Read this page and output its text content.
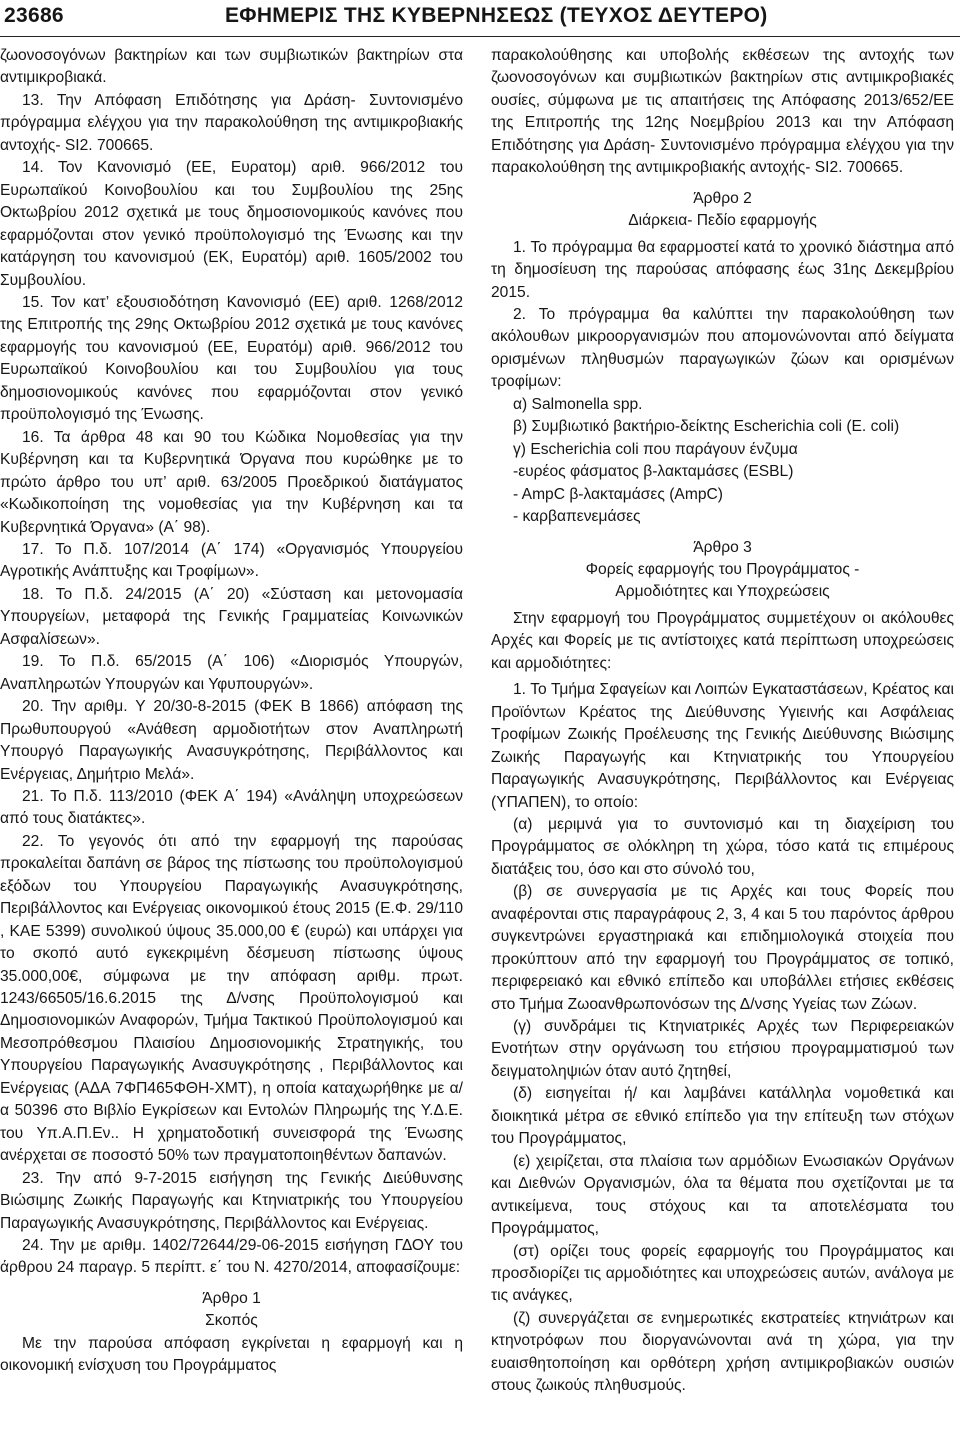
23686	ΕΦΗΜΕΡΙΣ ΤΗΣ ΚΥΒΕΡΝΗΣΕΩΣ (ΤΕΥΧΟΣ ΔΕΥΤΕΡΟ)

ζωονοσογόνων βακτηρίων και των συμβιωτικών βακτηρίων στα αντιμικροβιακά.

13. Την Απόφαση Επιδότησης για Δράση- Συντονισμένο πρόγραμμα ελέγχου για την παρακολούθηση της αντιμικροβιακής αντοχής- SI2. 700665.

14. Τον Κανονισμό (ΕΕ, Ευρατομ) αριθ. 966/2012 του Ευρωπαϊκού Κοινοβουλίου και του Συμβουλίου της 25ης Οκτωβρίου 2012 σχετικά με τους δημοσιονομικούς κανόνες που εφαρμόζονται στον γενικό προϋπολογισμό της Ένωσης και την κατάργηση του κανονισμού (ΕΚ, Ευρατόμ) αριθ. 1605/2002 του Συμβουλίου.

15. Τον κατ’ εξουσιοδότηση Κανονισμό (ΕΕ) αριθ. 1268/2012 της Επιτροπής της 29ης Οκτωβρίου 2012 σχετικά με τους κανόνες εφαρμογής του κανονισμού (ΕΕ, Ευρατόμ) αριθ. 966/2012 του Ευρωπαϊκού Κοινοβουλίου και του Συμβουλίου για τους δημοσιονομικούς κανόνες που εφαρμόζονται στον γενικό προϋπολογισμό της Ένωσης.

16. Τα άρθρα 48 και 90 του Κώδικα Νομοθεσίας για την Κυβέρνηση και τα Κυβερνητικά Όργανα που κυρώθηκε με το πρώτο άρθρο του υπ’ αριθ. 63/2005 Προεδρικού διατάγματος «Κωδικοποίηση της νομοθεσίας για την Κυβέρνηση και τα Κυβερνητικά Όργανα» (Α΄ 98).

17. Το Π.δ. 107/2014 (Α΄ 174) «Οργανισμός Υπουργείου Αγροτικής Ανάπτυξης και Τροφίμων».

18. Το Π.δ. 24/2015 (Α΄ 20) «Σύσταση και μετονομασία Υπουργείων, μεταφορά της Γενικής Γραμματείας Κοινωνικών Ασφαλίσεων».

19. Το Π.δ. 65/2015 (Α΄ 106) «Διορισμός Υπουργών, Αναπληρωτών Υπουργών και Υφυπουργών».

20. Την αριθμ. Υ 20/30-8-2015 (ΦΕΚ Β 1866) απόφαση της Πρωθυπουργού «Ανάθεση αρμοδιοτήτων στον Αναπληρωτή Υπουργό Παραγωγικής Ανασυγκρότησης, Περιβάλλοντος και Ενέργειας, Δημήτριο Μελά».

21. Το Π.δ. 113/2010 (ΦΕΚ Α΄ 194) «Ανάληψη υποχρεώσεων από τους διατάκτες».

22. Το γεγονός ότι από την εφαρμογή της παρούσας προκαλείται δαπάνη σε βάρος της πίστωσης του προϋπολογισμού εξόδων του Υπουργείου Παραγωγικής Ανασυγκρότησης, Περιβάλλοντος και Ενέργειας οικονομικού έτους 2015 (Ε.Φ. 29/110 , ΚΑΕ 5399) συνολικού ύψους 35.000,00 € (ευρώ) και υπάρχει για το σκοπό αυτό εγκεκριμένη δέσμευση πίστωσης ύψους 35.000,00€, σύμφωνα με την απόφαση αριθμ. πρωτ. 1243/66505/16.6.2015 της Δ/νσης Προϋπολογισμού και Δημοσιονομικών Αναφορών, Τμήμα Τακτικού Προϋπολογισμού και Μεσοπρόθεσμου Πλαισίου Δημοσιονομικής Στρατηγικής, του Υπουργείου Παραγωγικής Ανασυγκρότησης , Περιβάλλοντος και Ενέργειας (ΑΔΑ 7ΦΠ465ΦΘΗ-ΧΜΤ), η οποία καταχωρήθηκε με α/α 50396 στο Βιβλίο Εγκρίσεων και Εντολών Πληρωμής της Υ.Δ.Ε. του Υπ.Α.Π.Εν.. Η χρηματοδοτική συνεισφορά της Ένωσης ανέρχεται σε ποσοστό 50% των πραγματοποιηθέντων δαπανών.

23. Την από 9-7-2015 εισήγηση της Γενικής Διεύθυνσης Βιώσιμης Ζωικής Παραγωγής και Κτηνιατρικής του Υπουργείου Παραγωγικής Ανασυγκρότησης, Περιβάλλοντος και Ενέργειας.

24. Την με αριθμ. 1402/72644/29-06-2015 εισήγηση ΓΔΟΥ του άρθρου 24 παραγρ. 5 περίπτ. ε΄ του Ν. 4270/2014, αποφασίζουμε:

Άρθρο 1

Σκοπός

Με την παρούσα απόφαση εγκρίνεται η εφαρμογή και η οικονομική ενίσχυση του Προγράμματος

παρακολούθησης και υποβολής εκθέσεων της αντοχής των ζωονοσογόνων και συμβιωτικών βακτηρίων στις αντιμικροβιακές ουσίες, σύμφωνα με τις απαιτήσεις της Απόφασης 2013/652/ΕΕ της Επιτροπής της 12ης Νοεμβρίου 2013 και την Απόφαση Επιδότησης για Δράση- Συντονισμένο πρόγραμμα ελέγχου για την παρακολούθηση της αντιμικροβιακής αντοχής- SI2. 700665.

Άρθρο 2

Διάρκεια- Πεδίο εφαρμογής

1. Το πρόγραμμα θα εφαρμοστεί κατά το χρονικό διάστημα από τη δημοσίευση της παρούσας απόφασης έως 31ης Δεκεμβρίου 2015.

2. Το πρόγραμμα θα καλύπτει την παρακολούθηση των ακόλουθων μικροοργανισμών που απομονώνονται από δείγματα ορισμένων πληθυσμών παραγωγικών ζώων και ορισμένων τροφίμων:

α) Salmonella spp.

β) Συμβιωτικό βακτήριο-δείκτης Escherichia coli (E. coli)

γ) Escherichia coli που παράγουν ένζυμα

-ευρέος φάσματος β-λακταμάσες (ESBL)

- AmpC β-λακταμάσες (AmpC)

- καρβαπενεμάσες

Άρθρο 3

Φορείς εφαρμογής του Προγράμματος -

Αρμοδιότητες και Υποχρεώσεις

Στην εφαρμογή του Προγράμματος συμμετέχουν οι ακόλουθες Αρχές και Φορείς με τις αντίστοιχες κατά περίπτωση υποχρεώσεις και αρμοδιότητες:

1. Το Τμήμα Σφαγείων και Λοιπών Εγκαταστάσεων, Κρέατος και Προϊόντων Κρέατος της Διεύθυνσης Υγιεινής και Ασφάλειας Τροφίμων Ζωικής Προέλευσης της Γενικής Διεύθυνσης Βιώσιμης Ζωικής Παραγωγής και Κτηνιατρικής του Υπουργείου Παραγωγικής Ανασυγκρότησης, Περιβάλλοντος και Ενέργειας (ΥΠΑΠΕΝ), το οποίο:

(α) μεριμνά για το συντονισμό και τη διαχείριση του Προγράμματος σε ολόκληρη τη χώρα, τόσο κατά τις επιμέρους διατάξεις του, όσο και στο σύνολό του,

(β) σε συνεργασία με τις Αρχές και τους Φορείς που αναφέρονται στις παραγράφους 2, 3, 4 και 5 του παρόντος άρθρου συγκεντρώνει εργαστηριακά και επιδημιολογικά στοιχεία που προκύπτουν από την εφαρμογή του Προγράμματος σε τοπικό, περιφερειακό και εθνικό επίπεδο και υποβάλλει ετήσιες εκθέσεις στο Τμήμα Ζωοανθρωπονόσων της Δ/νσης Υγείας των Ζώων.

(γ) συνδράμει τις Κτηνιατρικές Αρχές των Περιφερειακών Ενοτήτων στην οργάνωση του ετήσιου προγραμματισμού των δειγματοληψιών όταν αυτό ζητηθεί,

(δ) εισηγείται ή/ και λαμβάνει κατάλληλα νομοθετικά και διοικητικά μέτρα σε εθνικό επίπεδο για την επίτευξη των στόχων του Προγράμματος,

(ε) χειρίζεται, στα πλαίσια των αρμόδιων Ενωσιακών Οργάνων και Διεθνών Οργανισμών, όλα τα θέματα που σχετίζονται με τα αντικείμενα, τους στόχους και τα αποτελέσματα του Προγράμματος,

(στ) ορίζει τους φορείς εφαρμογής του Προγράμματος και προσδιορίζει τις αρμοδιότητες και υποχρεώσεις αυτών, ανάλογα με τις ανάγκες,

(ζ) συνεργάζεται σε ενημερωτικές εκστρατείες κτηνιάτρων και κτηνοτρόφων που διοργανώνονται ανά τη χώρα, για την ευαισθητοποίηση και ορθότερη χρήση αντιμικροβιακών ουσιών στους ζωικούς πληθυσμούς.
